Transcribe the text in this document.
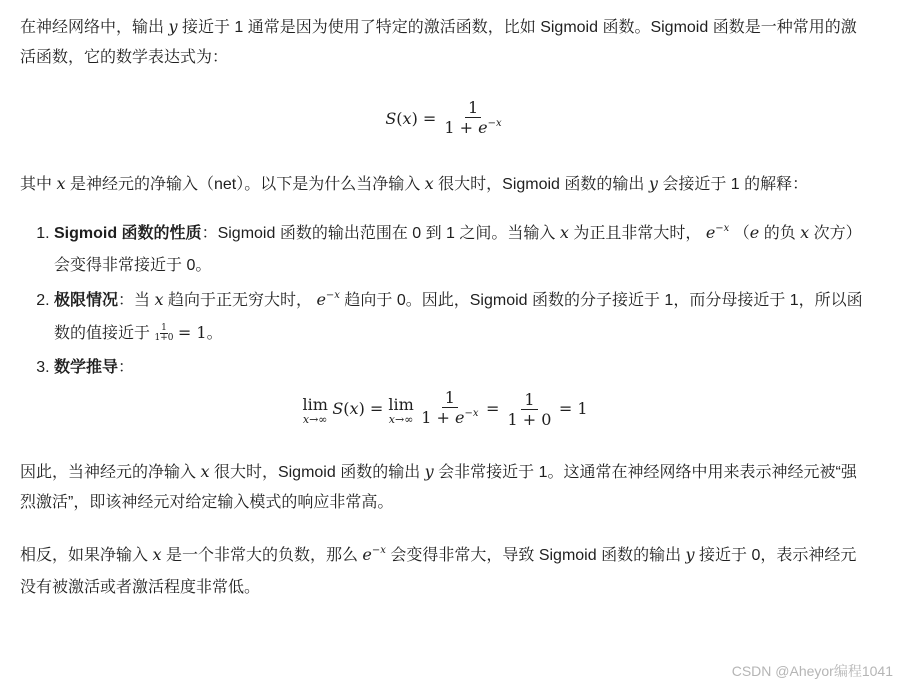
在神经网络中，输出 y 接近于 1 通常是因为使用了特定的激活函数，比如 Sigmoid 函数。Sigmoid 函数是一种常用的激活函数，它的数学表达式为：

$S(x) = \frac{1}{1 + e^{-x}}$

其中 x 是神经元的净输入（net）。以下是为什么当净输入 x 很大时，Sigmoid 函数的输出 y 会接近于 1 的解释：

1. Sigmoid 函数的性质：Sigmoid 函数的输出范围在 0 到 1 之间。当输入 x 为正且非常大时， $e^{-x}$ （e 的负 x 次方）会变得非常接近于 0。
2. 极限情况：当 x 趋向于正无穷大时， $e^{-x}$ 趋向于 0。因此，Sigmoid 函数的分子接近于 1，而分母接近于 1，所以函数的值接近于 $\frac{1}{1+0} = 1$。
3. 数学推导：
lim
x→∞
S(x) = lim
x→∞
$\frac{1}{1 + e^{-x}} = \frac{1}{1 + 0} = 1$

因此，当神经元的净输入 x 很大时，Sigmoid 函数的输出 y 会非常接近于 1。这通常在神经网络中用来表示神经元被“强烈激活”，即该神经元对给定输入模式的响应非常高。

相反，如果净输入 x 是一个非常大的负数，那么 $e^{-x}$ 会变得非常大，导致 Sigmoid 函数的输出 y 接近于 0，表示神经元没有被激活或者激活程度非常低。

CSDN @Aheyor编程1041
